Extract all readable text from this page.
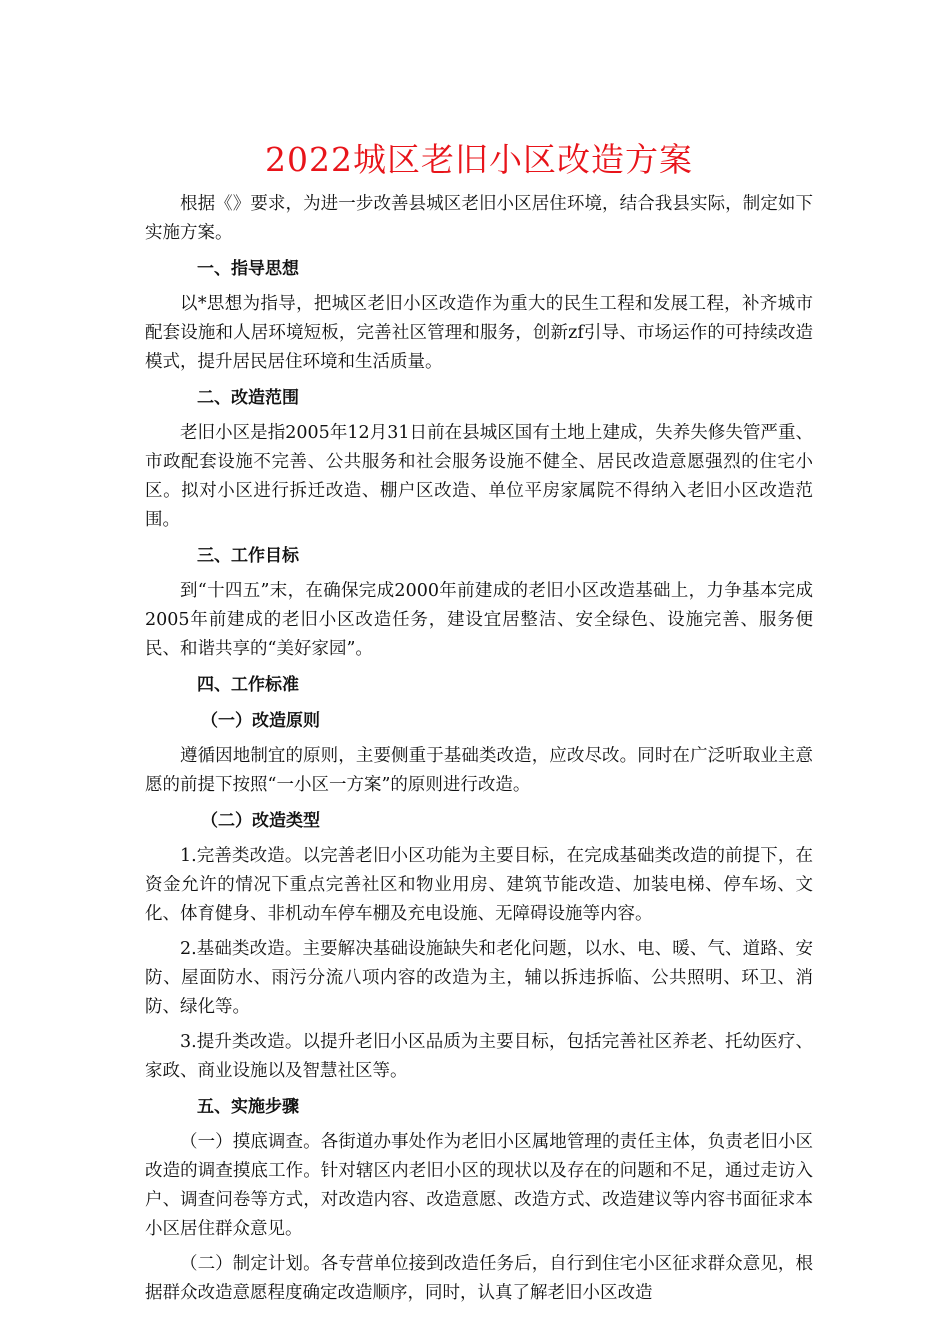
2022城区老旧小区改造方案

根据《》要求，为进一步改善县城区老旧小区居住环境，结合我县实际，制定如下实施方案。

一、指导思想

以*思想为指导，把城区老旧小区改造作为重大的民生工程和发展工程，补齐城市配套设施和人居环境短板，完善社区管理和服务，创新zf引导、市场运作的可持续改造模式，提升居民居住环境和生活质量。

二、改造范围

老旧小区是指2005年12月31日前在县城区国有土地上建成，失养失修失管严重、市政配套设施不完善、公共服务和社会服务设施不健全、居民改造意愿强烈的住宅小区。拟对小区进行拆迁改造、棚户区改造、单位平房家属院不得纳入老旧小区改造范围。

三、工作目标

到“十四五”末，在确保完成2000年前建成的老旧小区改造基础上，力争基本完成2005年前建成的老旧小区改造任务，建设宜居整洁、安全绿色、设施完善、服务便民、和谐共享的“美好家园”。

四、工作标准
（一）改造原则

遵循因地制宜的原则，主要侧重于基础类改造，应改尽改。同时在广泛听取业主意愿的前提下按照“一小区一方案”的原则进行改造。

（二）改造类型

1.完善类改造。以完善老旧小区功能为主要目标，在完成基础类改造的前提下，在资金允许的情况下重点完善社区和物业用房、建筑节能改造、加装电梯、停车场、文化、体育健身、非机动车停车棚及充电设施、无障碍设施等内容。

2.基础类改造。主要解决基础设施缺失和老化问题，以水、电、暖、气、道路、安防、屋面防水、雨污分流八项内容的改造为主，辅以拆违拆临、公共照明、环卫、消防、绿化等。

3.提升类改造。以提升老旧小区品质为主要目标，包括完善社区养老、托幼医疗、家政、商业设施以及智慧社区等。

五、实施步骤

（一）摸底调查。各街道办事处作为老旧小区属地管理的责任主体，负责老旧小区改造的调查摸底工作。针对辖区内老旧小区的现状以及存在的问题和不足，通过走访入户、调查问卷等方式，对改造内容、改造意愿、改造方式、改造建议等内容书面征求本小区居住群众意见。

（二）制定计划。各专营单位接到改造任务后，自行到住宅小区征求群众意见，根据群众改造意愿程度确定改造顺序，同时，认真了解老旧小区改造
